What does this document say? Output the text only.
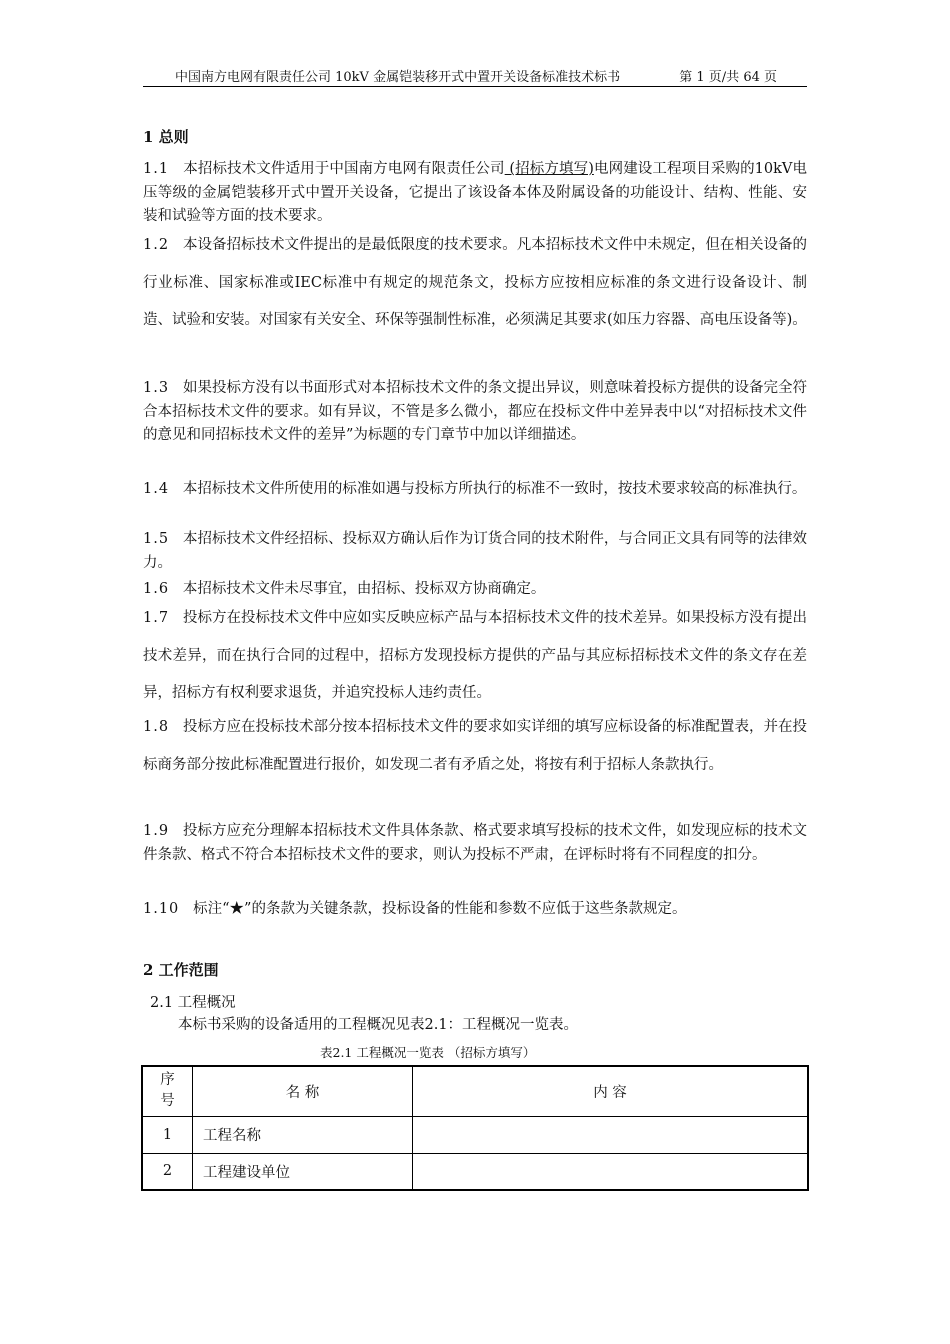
中国南方电网有限责任公司 10kV 金属铠装移开式中置开关设备标准技术标书	第 1 页/共 64 页
1 总则
1.1 本招标技术文件适用于中国南方电网有限责任公司 (招标方填写)电网建设工程项目采购的10kV电压等级的金属铠装移开式中置开关设备，它提出了该设备本体及附属设备的功能设计、结构、性能、安装和试验等方面的技术要求。
1.2 本设备招标技术文件提出的是最低限度的技术要求。凡本招标技术文件中未规定，但在相关设备的行业标准、国家标准或IEC标准中有规定的规范条文，投标方应按相应标准的条文进行设备设计、制造、试验和安装。对国家有关安全、环保等强制性标准，必须满足其要求(如压力容器、高电压设备等)。
1.3 如果投标方没有以书面形式对本招标技术文件的条文提出异议，则意味着投标方提供的设备完全符合本招标技术文件的要求。如有异议，不管是多么微小，都应在投标文件中差异表中以“对招标技术文件的意见和同招标技术文件的差异”为标题的专门章节中加以详细描述。
1.4 本招标技术文件所使用的标准如遇与投标方所执行的标准不一致时，按技术要求较高的标准执行。
1.5 本招标技术文件经招标、投标双方确认后作为订货合同的技术附件，与合同正文具有同等的法律效力。
1.6 本招标技术文件未尽事宜，由招标、投标双方协商确定。
1.7 投标方在投标技术文件中应如实反映应标产品与本招标技术文件的技术差异。如果投标方没有提出技术差异，而在执行合同的过程中，招标方发现投标方提供的产品与其应标招标技术文件的条文存在差异，招标方有权利要求退货，并追究投标人违约责任。
1.8 投标方应在投标技术部分按本招标技术文件的要求如实详细的填写应标设备的标准配置表，并在投标商务部分按此标准配置进行报价，如发现二者有矛盾之处，将按有利于招标人条款执行。
1.9 投标方应充分理解本招标技术文件具体条款、格式要求填写投标的技术文件，如发现应标的技术文件条款、格式不符合本招标技术文件的要求，则认为投标不严肃，在评标时将有不同程度的扣分。
1.10 标注“★”的条款为关键条款，投标设备的性能和参数不应低于这些条款规定。
2 工作范围
2.1 工程概况
本标书采购的设备适用的工程概况见表2.1：工程概况一览表。
表2.1 工程概况一览表 （招标方填写）
序
号	名 称	内 容
1	工程名称	
2	工程建设单位	
